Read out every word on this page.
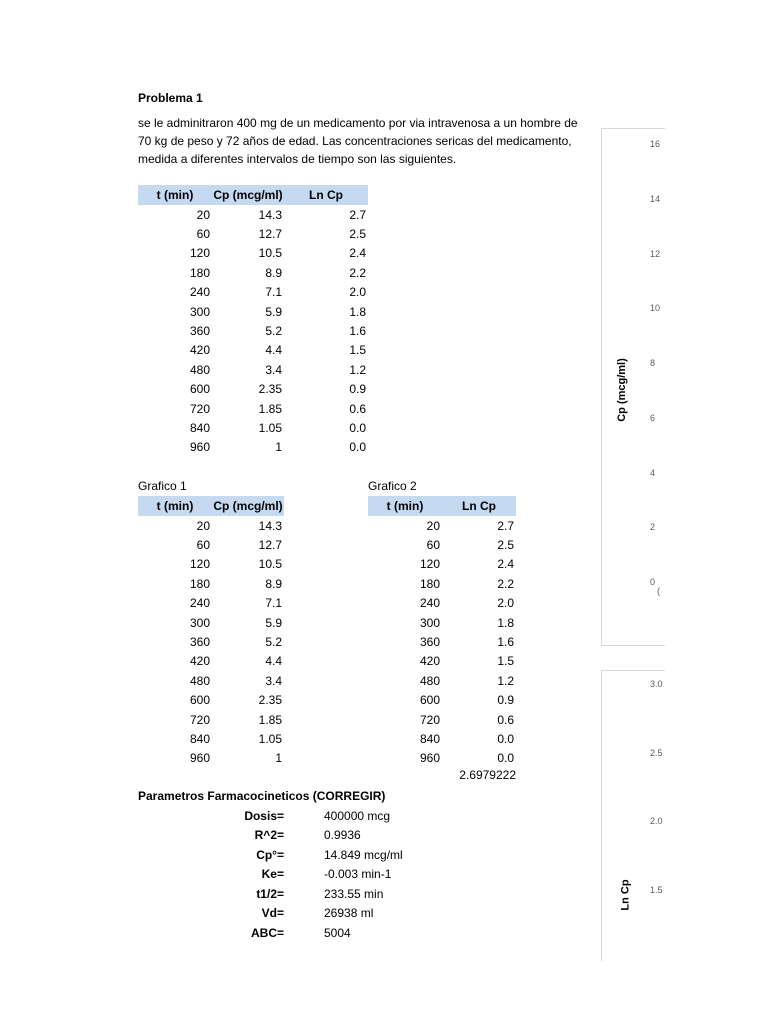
Problema 1
se le adminitraron 400 mg de un medicamento por via intravenosa a un hombre de 70 kg de peso y 72 años de edad. Las concentraciones sericas del medicamento, medida a diferentes intervalos de tiempo son las siguientes.
t (min)	Cp (mcg/ml)	Ln Cp
20	14.3	2.7
60	12.7	2.5
120	10.5	2.4
180	8.9	2.2
240	7.1	2.0
300	5.9	1.8
360	5.2	1.6
420	4.4	1.5
480	3.4	1.2
600	2.35	0.9
720	1.85	0.6
840	1.05	0.0
960	1	0.0
Grafico 1	Grafico 2
t (min)	Cp (mcg/ml)
20	14.3
60	12.7
120	10.5
180	8.9
240	7.1
300	5.9
360	5.2
420	4.4
480	3.4
600	2.35
720	1.85
840	1.05
960	1
t (min)	Ln Cp
20	2.7
60	2.5
120	2.4
180	2.2
240	2.0
300	1.8
360	1.6
420	1.5
480	1.2
600	0.9
720	0.6
840	0.0
960	0.0
2.6979222
Parametros Farmacocineticos (CORREGIR)
Dosis=	400000 mcg
R^2=	0.9936
Cp°=	14.849 mcg/ml
Ke=	-0.003 min-1
t1/2=	233.55 min
Vd=	26938 ml
ABC=	5004
16
14
12
10
8
6
4
2
0
Cp (mcg/ml)
(
3.0
2.5
2.0
1.5
Ln Cp
